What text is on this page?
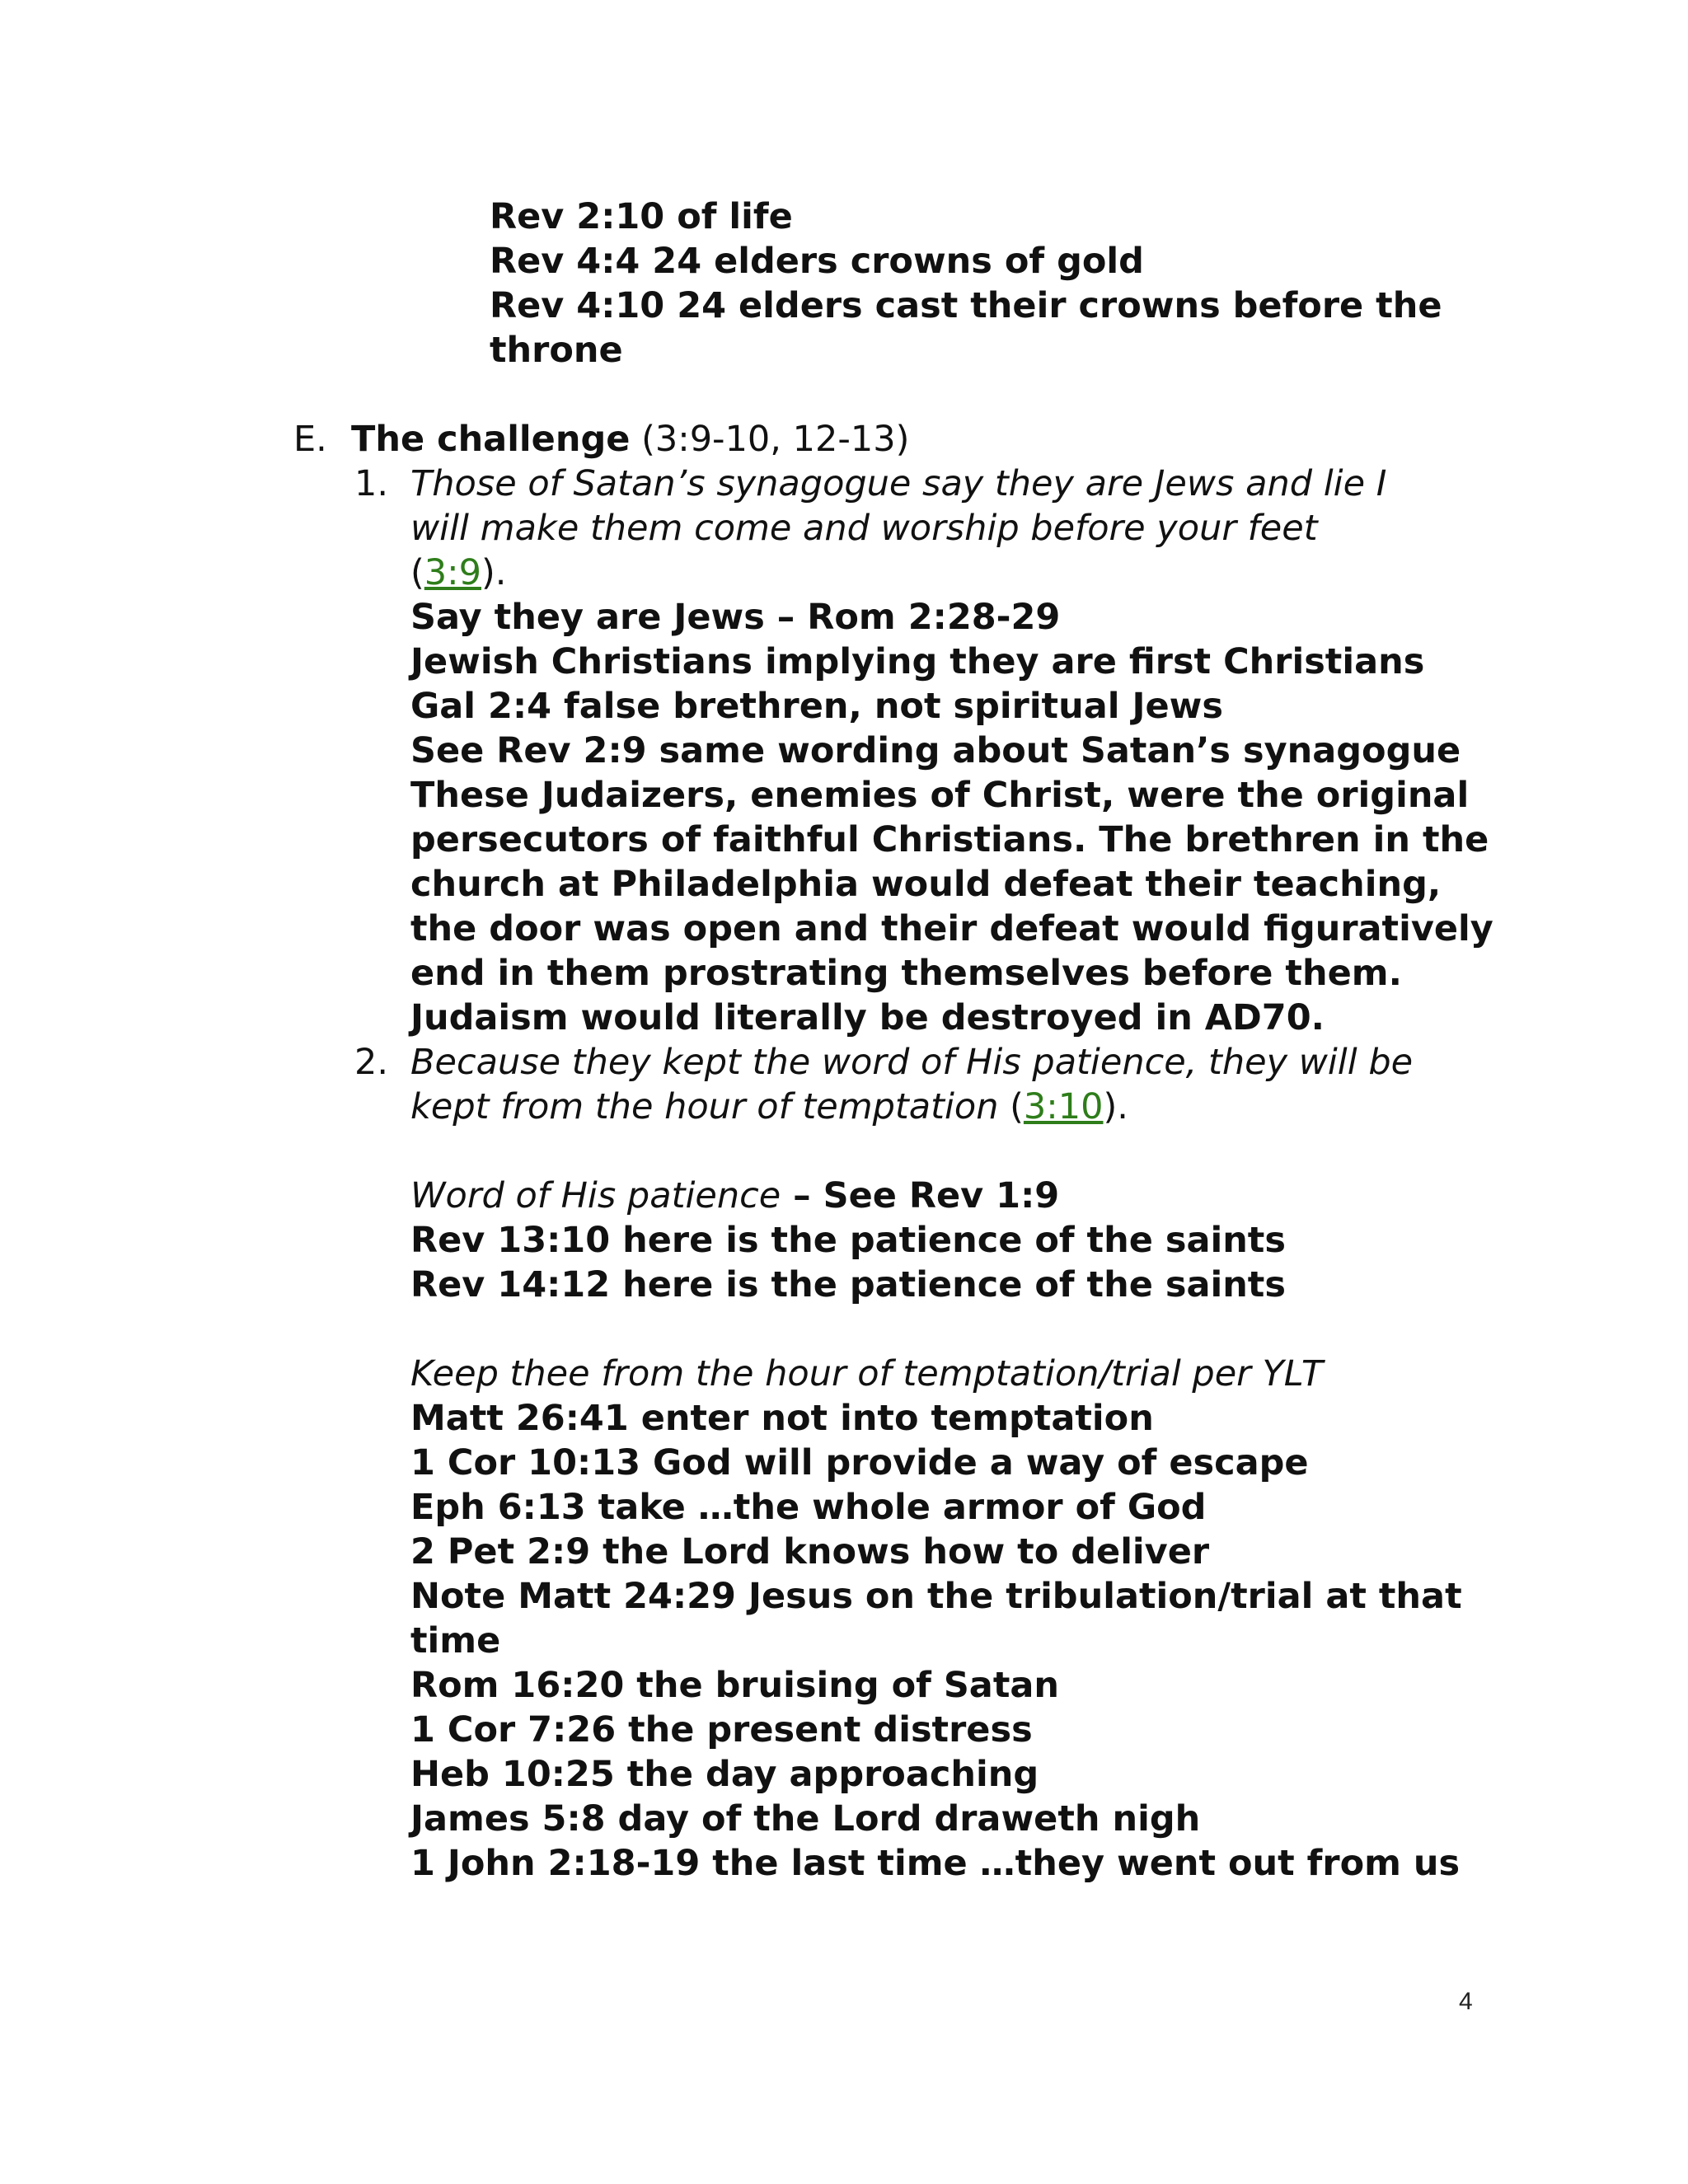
Rev 2:10 of life
Rev 4:4 24 elders crowns of gold
Rev 4:10 24 elders cast their crowns before the
throne
E. The challenge (3:9-10, 12-13)
1. Those of Satan’s synagogue say they are Jews and lie I
will make them come and worship before your feet
(3:9).
Say they are Jews – Rom 2:28-29
Jewish Christians implying they are first Christians
Gal 2:4 false brethren, not spiritual Jews
See Rev 2:9 same wording about Satan’s synagogue
These Judaizers, enemies of Christ, were the original
persecutors of faithful Christians. The brethren in the
church at Philadelphia would defeat their teaching,
the door was open and their defeat would figuratively
end in them prostrating themselves before them.
Judaism would literally be destroyed in AD70.
2. Because they kept the word of His patience, they will be
kept from the hour of temptation (3:10).
Word of His patience – See Rev 1:9
Rev 13:10 here is the patience of the saints
Rev 14:12 here is the patience of the saints
Keep thee from the hour of temptation/trial per YLT
Matt 26:41 enter not into temptation
1 Cor 10:13 God will provide a way of escape
Eph 6:13 take …the whole armor of God
2 Pet 2:9 the Lord knows how to deliver
Note Matt 24:29 Jesus on the tribulation/trial at that
time
Rom 16:20 the bruising of Satan
1 Cor 7:26 the present distress
Heb 10:25 the day approaching
James 5:8 day of the Lord draweth nigh
1 John 2:18-19 the last time …they went out from us
4
